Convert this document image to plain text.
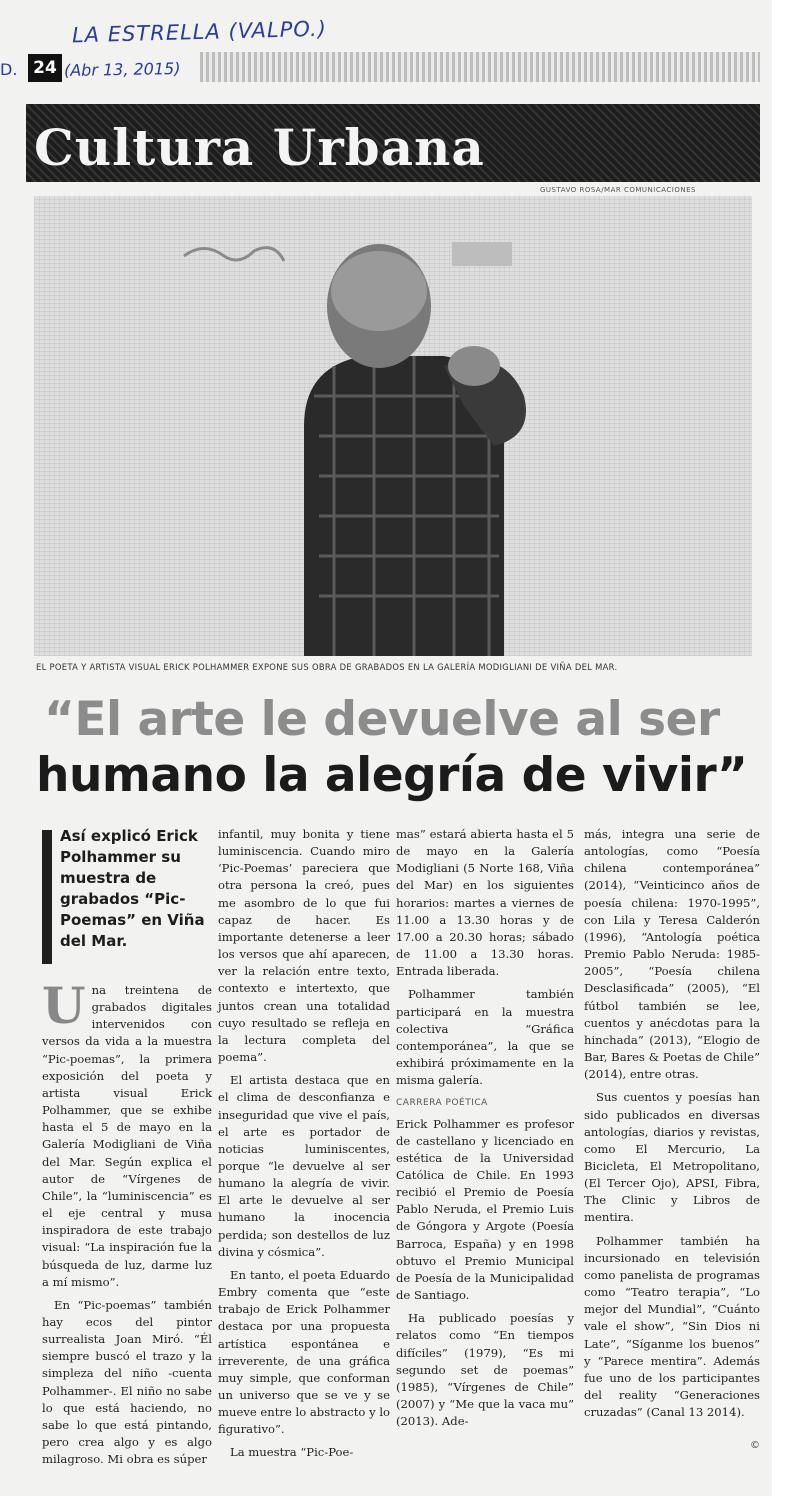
D.
LA ESTRELLA (VALPO.)
24 (Abr 13, 2015)
Cultura Urbana
GUSTAVO ROSA/MAR COMUNICACIONES
EL POETA Y ARTISTA VISUAL ERICK POLHAMMER EXPONE SUS OBRA DE GRABADOS EN LA GALERÍA MODIGLIANI DE VIÑA DEL MAR.
“El arte le devuelve al ser
humano la alegría de vivir”
Así explicó Erick Polhammer su muestra de grabados “Pic-Poemas” en Viña del Mar.

Una treintena de grabados digitales intervenidos con versos da vida a la muestra “Pic-poemas”, la primera exposición del poeta y artista visual Erick Polhammer, que se exhibe hasta el 5 de mayo en la Galería Modigliani de Viña del Mar. Según explica el autor de “Vírgenes de Chile”, la “luminiscencia” es el eje central y musa inspiradora de este trabajo visual: “La inspiración fue la búsqueda de luz, darme luz a mí mismo”.

En “Pic-poemas” también hay ecos del pintor surrealista Joan Miró. “Él siempre buscó el trazo y la simpleza del niño -cuenta Polhammer-. El niño no sabe lo que está haciendo, no sabe lo que está pintando, pero crea algo y es algo milagroso. Mi obra es súper

infantil, muy bonita y tiene luminiscencia. Cuando miro ‘Pic-Poemas’ pareciera que otra persona la creó, pues me asombro de lo que fui capaz de hacer. Es importante detenerse a leer los versos que ahí aparecen, ver la relación entre texto, contexto e intertexto, que juntos crean una totalidad cuyo resultado se refleja en la lectura completa del poema”.

El artista destaca que en el clima de desconfianza e inseguridad que vive el país, el arte es portador de noticias luminiscentes, porque “le devuelve al ser humano la alegría de vivir. El arte le devuelve al ser humano la inocencia perdida; son destellos de luz divina y cósmica”.

En tanto, el poeta Eduardo Embry comenta que “este trabajo de Erick Polhammer destaca por una propuesta artística espontánea e irreverente, de una gráfica muy simple, que conforman un universo que se ve y se mueve entre lo abstracto y lo figurativo”.

La muestra “Pic-Poe-

mas” estará abierta hasta el 5 de mayo en la Galería Modigliani (5 Norte 168, Viña del Mar) en los siguientes horarios: martes a viernes de 11.00 a 13.30 horas y de 17.00 a 20.30 horas; sábado de 11.00 a 13.30 horas. Entrada liberada.

Polhammer también participará en la muestra colectiva “Gráfica contemporánea”, la que se exhibirá próximamente en la misma galería.

CARRERA POÉTICA

Erick Polhammer es profesor de castellano y licenciado en estética de la Universidad Católica de Chile. En 1993 recibió el Premio de Poesía Pablo Neruda, el Premio Luis de Góngora y Argote (Poesía Barroca, España) y en 1998 obtuvo el Premio Municipal de Poesía de la Municipalidad de Santiago.

Ha publicado poesías y relatos como “En tiempos difíciles” (1979), “Es mi segundo set de poemas” (1985), “Vírgenes de Chile” (2007) y “Me que la vaca mu” (2013). Ade-

más, integra una serie de antologías, como “Poesía chilena contemporánea” (2014), “Veinticinco años de poesía chilena: 1970-1995”, con Lila y Teresa Calderón (1996), “Antología poética Premio Pablo Neruda: 1985-2005”, “Poesía chilena Desclasificada” (2005), “El fútbol también se lee, cuentos y anécdotas para la hinchada” (2013), “Elogio de Bar, Bares & Poetas de Chile” (2014), entre otras.

Sus cuentos y poesías han sido publicados en diversas antologías, diarios y revistas, como El Mercurio, La Bicicleta, El Metropolitano, (El Tercer Ojo), APSI, Fibra, The Clinic y Libros de mentira.

Polhammer también ha incursionado en televisión como panelista de programas como “Teatro terapia”, “Lo mejor del Mundial”, “Cuánto vale el show”, “Sin Dios ni Late”, “Síganme los buenos” y “Parece mentira”. Además fue uno de los participantes del reality “Generaciones cruzadas” (Canal 13 2014).

©
